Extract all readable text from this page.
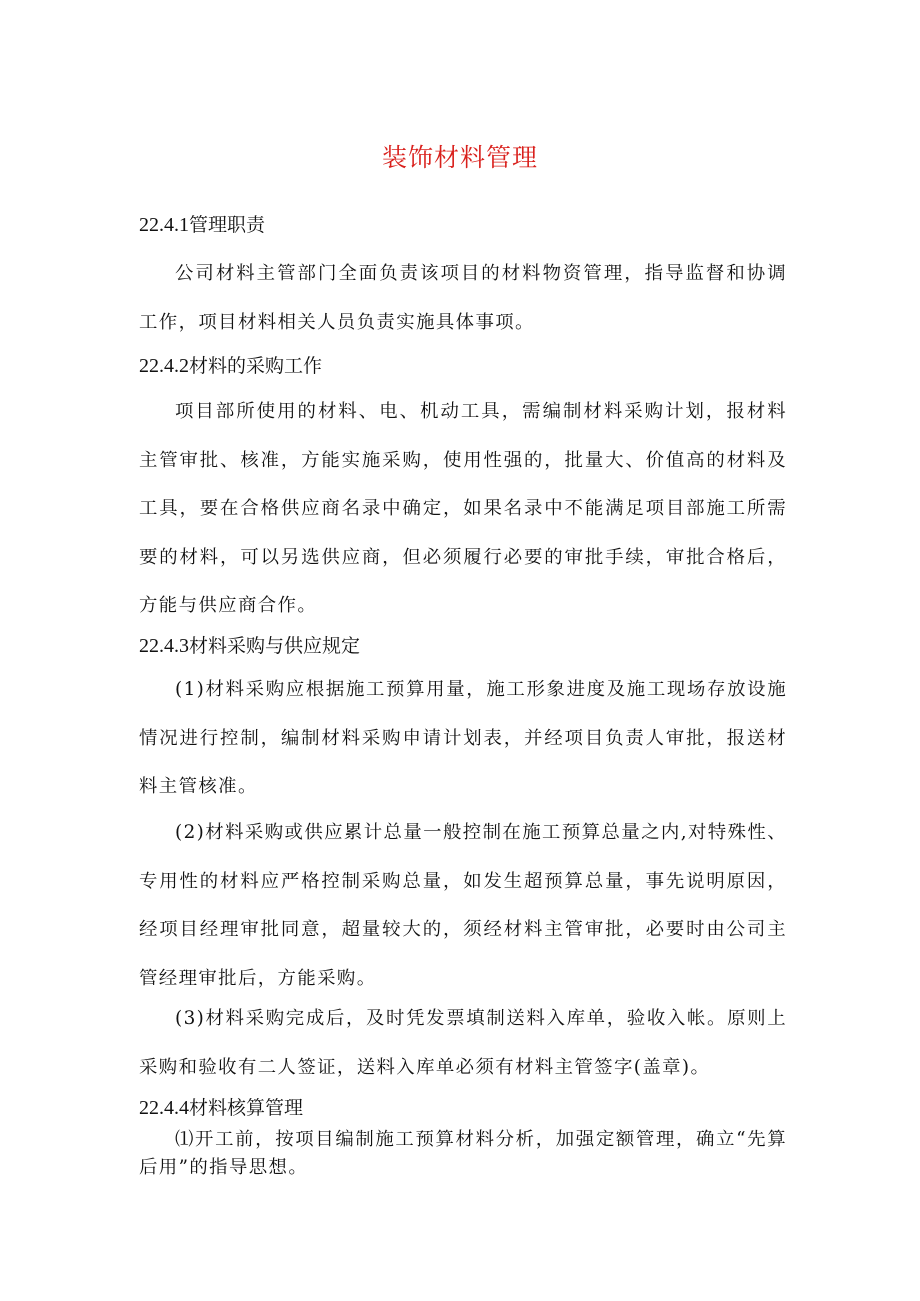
装饰材料管理
22.4.1管理职责

公司材料主管部门全面负责该项目的材料物资管理，指导监督和协调工作，项目材料相关人员负责实施具体事项。

22.4.2材料的采购工作

项目部所使用的材料、电、机动工具，需编制材料采购计划，报材料主管审批、核准，方能实施采购，使用性强的，批量大、价值高的材料及工具，要在合格供应商名录中确定，如果名录中不能满足项目部施工所需要的材料，可以另选供应商，但必须履行必要的审批手续，审批合格后，方能与供应商合作。

22.4.3材料采购与供应规定

(1)材料采购应根据施工预算用量，施工形象进度及施工现场存放设施情况进行控制，编制材料采购申请计划表，并经项目负责人审批，报送材料主管核准。

(2)材料采购或供应累计总量一般控制在施工预算总量之内,对特殊性、专用性的材料应严格控制采购总量，如发生超预算总量，事先说明原因，经项目经理审批同意，超量较大的，须经材料主管审批，必要时由公司主管经理审批后，方能采购。

(3)材料采购完成后，及时凭发票填制送料入库单，验收入帐。原则上采购和验收有二人签证，送料入库单必须有材料主管签字(盖章)。

22.4.4材料核算管理

⑴开工前，按项目编制施工预算材料分析，加强定额管理，确立“先算后用”的指导思想。
